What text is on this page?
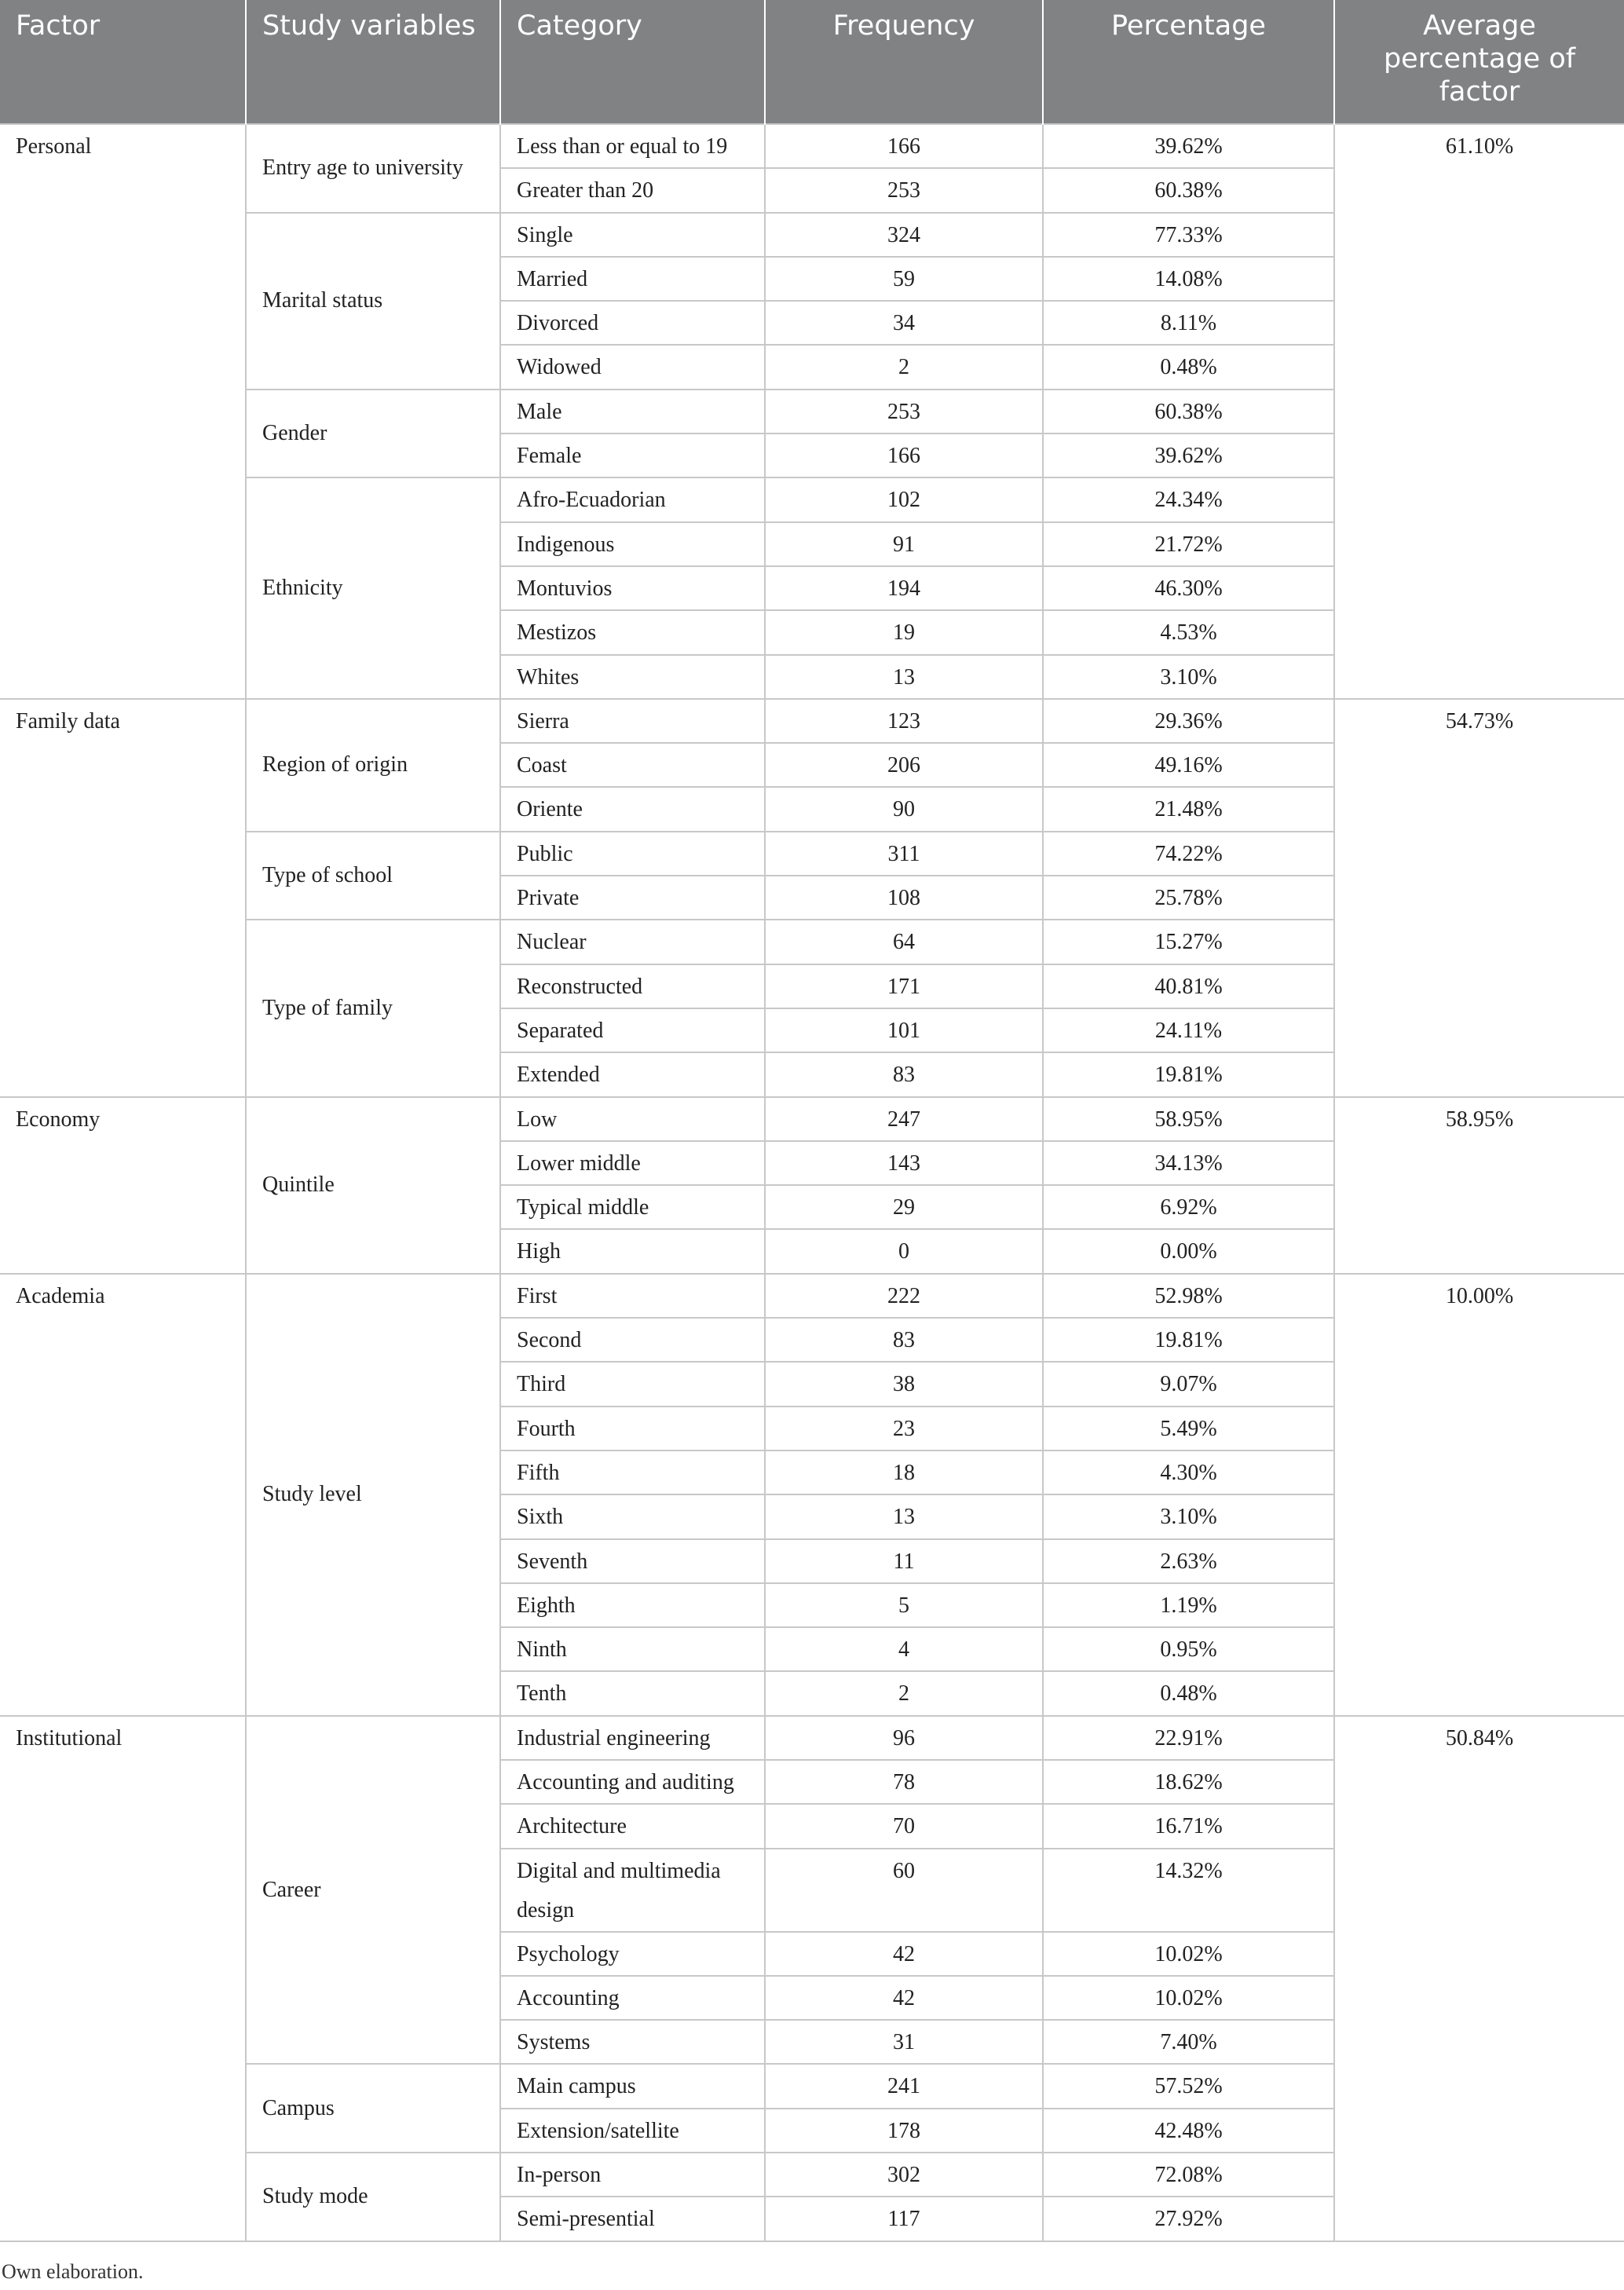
Factor	Study variables	Category	Frequency	Percentage	Average percentage of factor
Personal	Entry age to university	Less than or equal to 19	166	39.62%	61.10%
		Greater than 20	253	60.38%	
	Marital status	Single	324	77.33%	
		Married	59	14.08%	
		Divorced	34	8.11%	
		Widowed	2	0.48%	
	Gender	Male	253	60.38%	
		Female	166	39.62%	
	Ethnicity	Afro-Ecuadorian	102	24.34%	
		Indigenous	91	21.72%	
		Montuvios	194	46.30%	
		Mestizos	19	4.53%	
		Whites	13	3.10%	
Family data	Region of origin	Sierra	123	29.36%	54.73%
		Coast	206	49.16%	
		Oriente	90	21.48%	
	Type of school	Public	311	74.22%	
		Private	108	25.78%	
	Type of family	Nuclear	64	15.27%	
		Reconstructed	171	40.81%	
		Separated	101	24.11%	
		Extended	83	19.81%	
Economy	Quintile	Low	247	58.95%	58.95%
		Lower middle	143	34.13%	
		Typical middle	29	6.92%	
		High	0	0.00%	
Academia	Study level	First	222	52.98%	10.00%
		Second	83	19.81%	
		Third	38	9.07%	
		Fourth	23	5.49%	
		Fifth	18	4.30%	
		Sixth	13	3.10%	
		Seventh	11	2.63%	
		Eighth	5	1.19%	
		Ninth	4	0.95%	
		Tenth	2	0.48%	
Institutional	Career	Industrial engineering	96	22.91%	50.84%
		Accounting and auditing	78	18.62%	
		Architecture	70	16.71%	
		Digital and multimedia design	60	14.32%	
		Psychology	42	10.02%	
		Accounting	42	10.02%	
		Systems	31	7.40%	
	Campus	Main campus	241	57.52%	
		Extension/satellite	178	42.48%	
	Study mode	In-person	302	72.08%	
		Semi-presential	117	27.92%	
Own elaboration.
